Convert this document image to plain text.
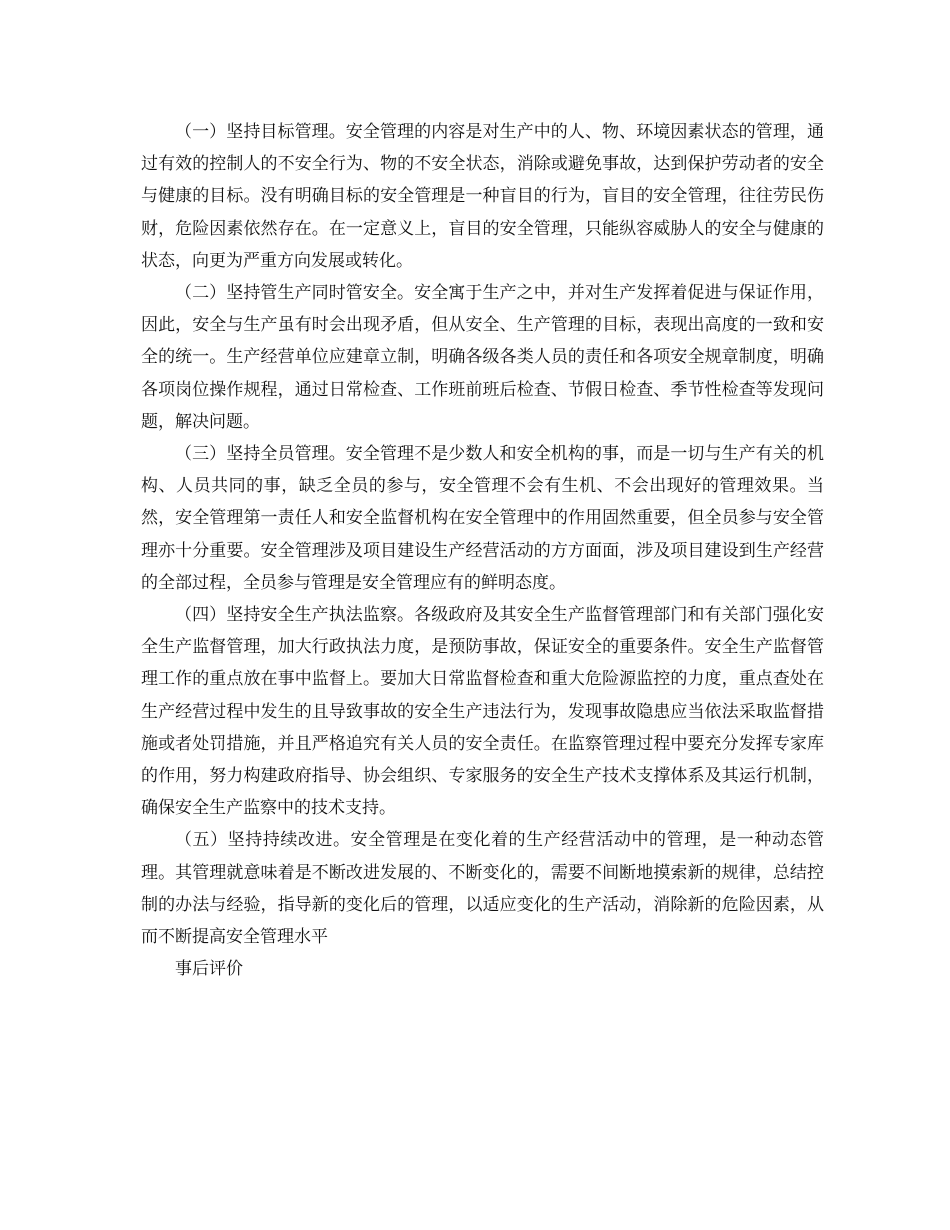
（一）坚持目标管理。安全管理的内容是对生产中的人、物、环境因素状态的管理，通过有效的控制人的不安全行为、物的不安全状态，消除或避免事故，达到保护劳动者的安全与健康的目标。没有明确目标的安全管理是一种盲目的行为，盲目的安全管理，往往劳民伤财，危险因素依然存在。在一定意义上，盲目的安全管理，只能纵容威胁人的安全与健康的状态，向更为严重方向发展或转化。

（二）坚持管生产同时管安全。安全寓于生产之中，并对生产发挥着促进与保证作用，因此，安全与生产虽有时会出现矛盾，但从安全、生产管理的目标，表现出高度的一致和安全的统一。生产经营单位应建章立制，明确各级各类人员的责任和各项安全规章制度，明确各项岗位操作规程，通过日常检查、工作班前班后检查、节假日检查、季节性检查等发现问题，解决问题。

（三）坚持全员管理。安全管理不是少数人和安全机构的事，而是一切与生产有关的机构、人员共同的事，缺乏全员的参与，安全管理不会有生机、不会出现好的管理效果。当然，安全管理第一责任人和安全监督机构在安全管理中的作用固然重要，但全员参与安全管理亦十分重要。安全管理涉及项目建设生产经营活动的方方面面，涉及项目建设到生产经营的全部过程，全员参与管理是安全管理应有的鲜明态度。

（四）坚持安全生产执法监察。各级政府及其安全生产监督管理部门和有关部门强化安全生产监督管理，加大行政执法力度，是预防事故，保证安全的重要条件。安全生产监督管理工作的重点放在事中监督上。要加大日常监督检查和重大危险源监控的力度，重点查处在生产经营过程中发生的且导致事故的安全生产违法行为，发现事故隐患应当依法采取监督措施或者处罚措施，并且严格追究有关人员的安全责任。在监察管理过程中要充分发挥专家库的作用，努力构建政府指导、协会组织、专家服务的安全生产技术支撑体系及其运行机制，确保安全生产监察中的技术支持。

（五）坚持持续改进。安全管理是在变化着的生产经营活动中的管理，是一种动态管理。其管理就意味着是不断改进发展的、不断变化的，需要不间断地摸索新的规律，总结控制的办法与经验，指导新的变化后的管理，以适应变化的生产活动，消除新的危险因素，从而不断提高安全管理水平

事后评价
